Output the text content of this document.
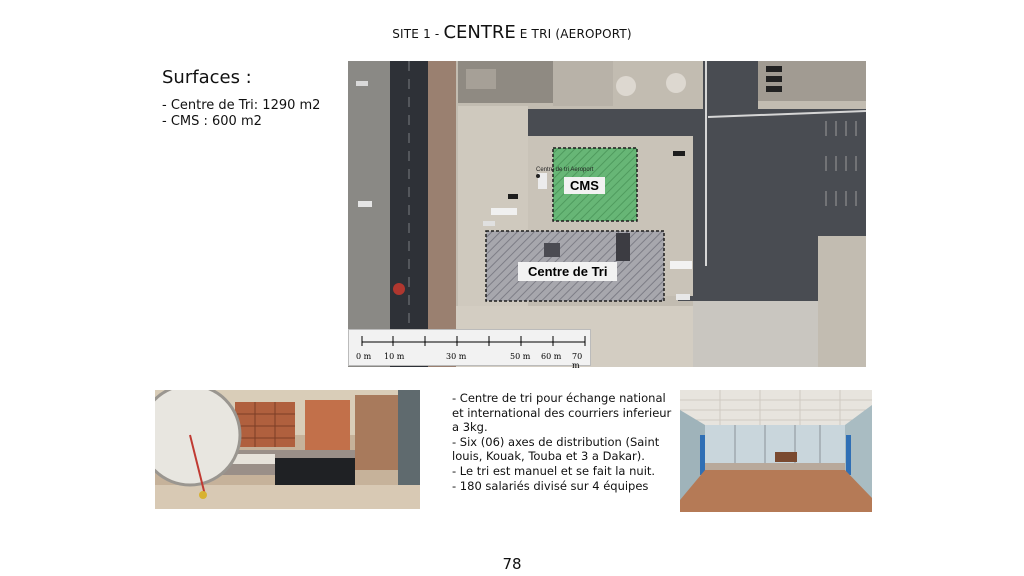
SITE 1 - CENTRE E TRI (AEROPORT)
Surfaces :
- Centre de Tri: 1290 m2
- CMS : 600 m2
CMS
Centre de Tri
Centre de tri Aeroport
0 m 10 m	30 m	50 m 60 m 70 m

- Centre de tri pour échange national et international des courriers inferieur a 3kg.

- Six (06) axes de distribution (Saint louis, Kouak, Touba et 3 a Dakar).

- Le tri est manuel et se fait la nuit.

- 180 salariés divisé sur 4 équipes

78
